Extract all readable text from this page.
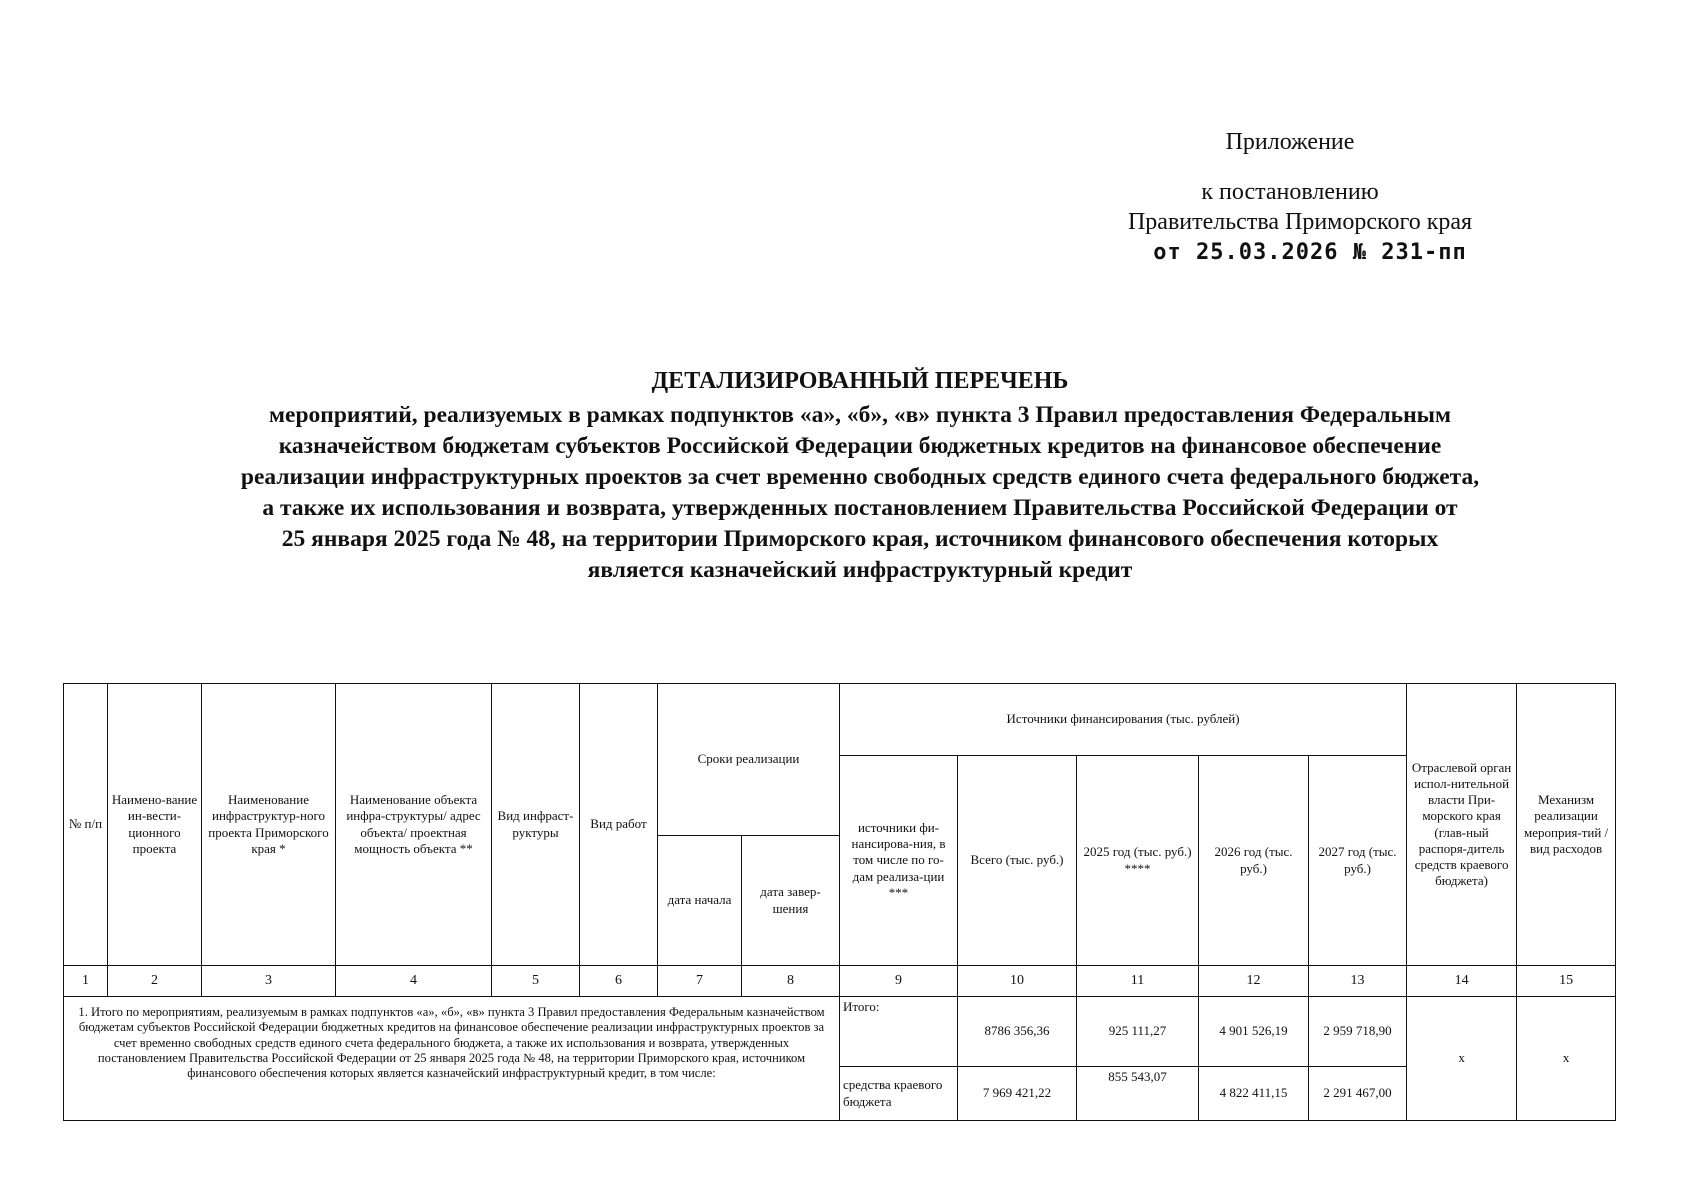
Приложение
к постановлению
Правительства Приморского края
от 25.03.2026 № 231-пп
ДЕТАЛИЗИРОВАННЫЙ ПЕРЕЧЕНЬ
мероприятий, реализуемых в рамках подпунктов «а», «б», «в» пункта 3 Правил предоставления Федеральным
казначейством бюджетам субъектов Российской Федерации бюджетных кредитов на финансовое обеспечение
реализации инфраструктурных проектов за счет временно свободных средств единого счета федерального бюджета,
а также их использования и возврата, утвержденных постановлением Правительства Российской Федерации от
25 января 2025 года № 48, на территории Приморского края, источником финансового обеспечения которых
является казначейский инфраструктурный кредит
№ п/п	Наимено-вание ин-вести-ционного проекта	Наименование инфраструктур-ного проекта Приморского края *	Наименование объекта инфра-структуры/ адрес объекта/ проектная мощность объекта **	Вид инфраст-руктуры	Вид работ	Сроки реализации		Источники финансирования (тыс. рублей)					Отраслевой орган испол-нительной власти При-морского края (глав-ный распоря-дитель средств краевого бюджета)	Механизм реализации мероприя-тий /вид расходов
								источники фи-нансирова-ния, в том числе по го-дам реализа-ции ***	Всего (тыс. руб.)	2025 год (тыс. руб.) ****	2026 год (тыс. руб.)	2027 год (тыс. руб.)		
						дата начала	дата завер-шения							
1	2	3	4	5	6	7	8	9	10	11	12	13	14	15
1. Итого по мероприятиям, реализуемым в рамках подпунктов «а», «б», «в» пункта 3 Правил предоставления Федеральным казначейством бюджетам субъектов Российской Федерации бюджетных кредитов на финансовое обеспечение реализации инфраструктурных проектов за счет временно свободных средств единого счета федерального бюджета, а также их использования и возврата, утвержденных постановлением Правительства Российской Федерации от 25 января 2025 года № 48, на территории Приморского края, источником финансового обеспечения которых является казначейский инфраструктурный кредит, в том числе:								Итого:	8786 356,36	925 111,27	4 901 526,19	2 959 718,90	x	x
								средства краевого бюджета	7 969 421,22	855 543,07	4 822 411,15	2 291 467,00		
